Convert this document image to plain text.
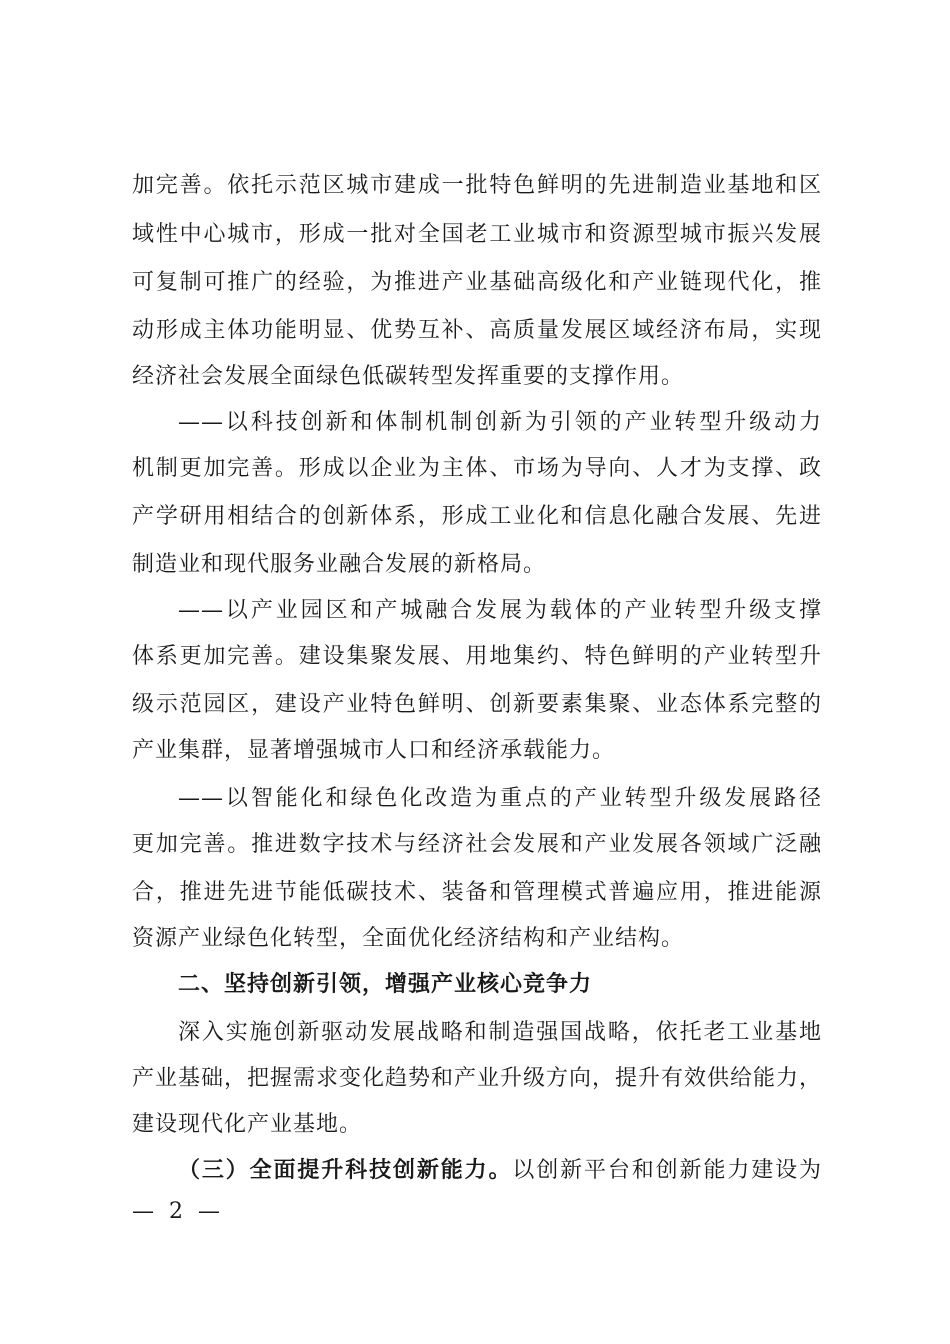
加完善。依托示范区城市建成一批特色鲜明的先进制造业基地和区
域性中心城市，形成一批对全国老工业城市和资源型城市振兴发展
可复制可推广的经验，为推进产业基础高级化和产业链现代化，推
动形成主体功能明显、优势互补、高质量发展区域经济布局，实现
经济社会发展全面绿色低碳转型发挥重要的支撑作用。
——以科技创新和体制机制创新为引领的产业转型升级动力
机制更加完善。形成以企业为主体、市场为导向、人才为支撑、政
产学研用相结合的创新体系，形成工业化和信息化融合发展、先进
制造业和现代服务业融合发展的新格局。
——以产业园区和产城融合发展为载体的产业转型升级支撑
体系更加完善。建设集聚发展、用地集约、特色鲜明的产业转型升
级示范园区，建设产业特色鲜明、创新要素集聚、业态体系完整的
产业集群，显著增强城市人口和经济承载能力。
——以智能化和绿色化改造为重点的产业转型升级发展路径
更加完善。推进数字技术与经济社会发展和产业发展各领域广泛融
合，推进先进节能低碳技术、装备和管理模式普遍应用，推进能源
资源产业绿色化转型，全面优化经济结构和产业结构。
二、坚持创新引领，增强产业核心竞争力
深入实施创新驱动发展战略和制造强国战略，依托老工业基地
产业基础，把握需求变化趋势和产业升级方向，提升有效供给能力，
建设现代化产业基地。
（三）全面提升科技创新能力。以创新平台和创新能力建设为
— 2 —
